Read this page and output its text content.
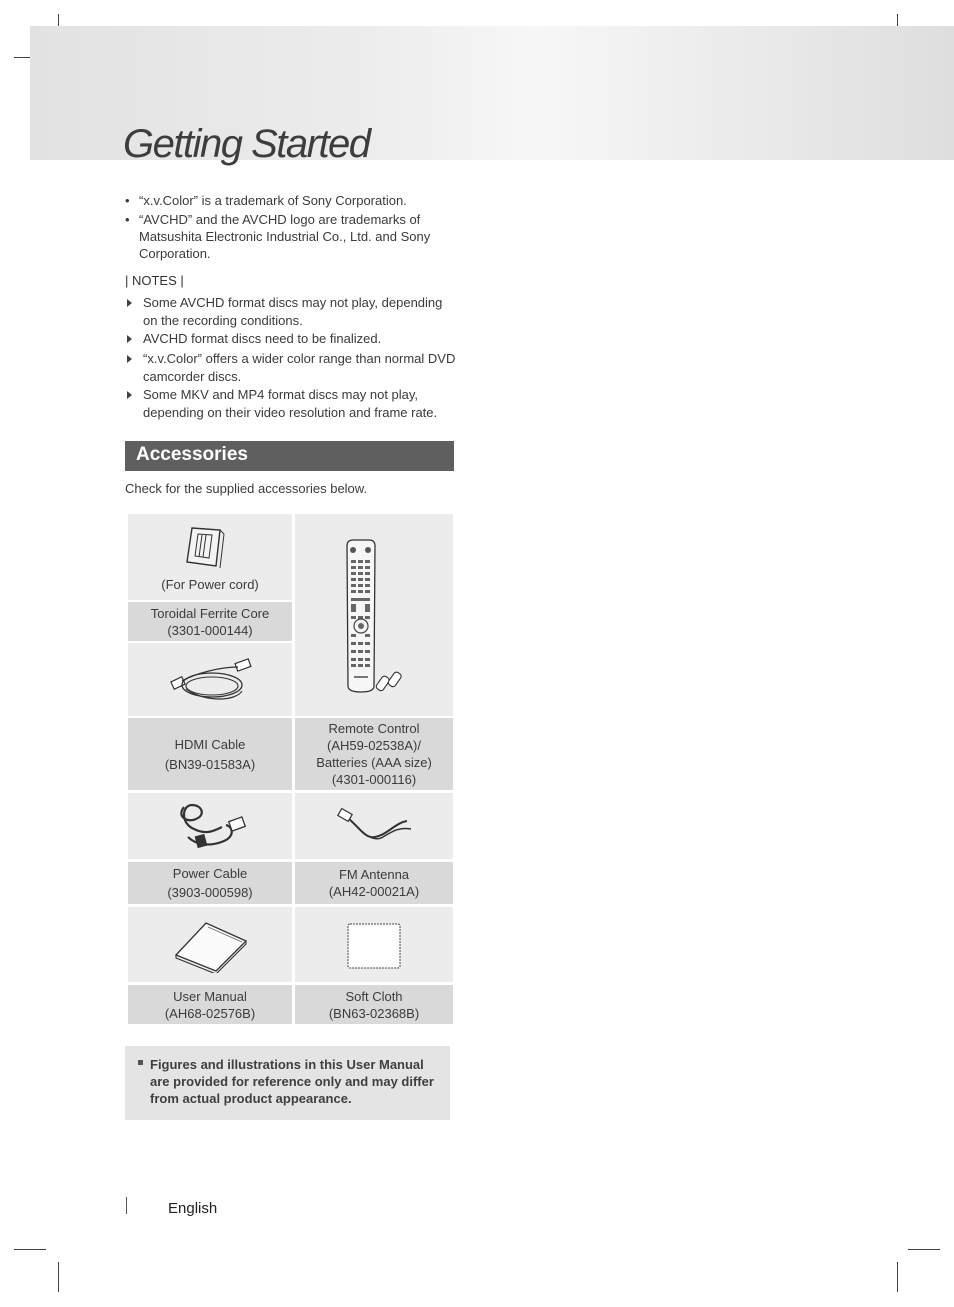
Getting Started
• “x.v.Color” is a trademark of Sony Corporation.
• “AVCHD” and the AVCHD logo are trademarks of Matsushita Electronic Industrial Co., Ltd. and Sony Corporation.
| NOTES |
Some AVCHD format discs may not play, depending on the recording conditions.
AVCHD format discs need to be finalized.
“x.v.Color” offers a wider color range than normal DVD camcorder discs.
Some MKV and MP4 format discs may not play, depending on their video resolution and frame rate.
Accessories
Check for the supplied accessories below.
(For Power cord)
Toroidal Ferrite Core
(3301-000144)
HDMI Cable
(BN39-01583A)
Remote Control
(AH59-02538A)/
Batteries (AAA size)
(4301-000116)
Power Cable
(3903-000598)
FM Antenna
(AH42-00021A)
User Manual
(AH68-02576B)
Soft Cloth
(BN63-02368B)
Figures and illustrations in this User Manual are provided for reference only and may differ from actual product appearance.
English
